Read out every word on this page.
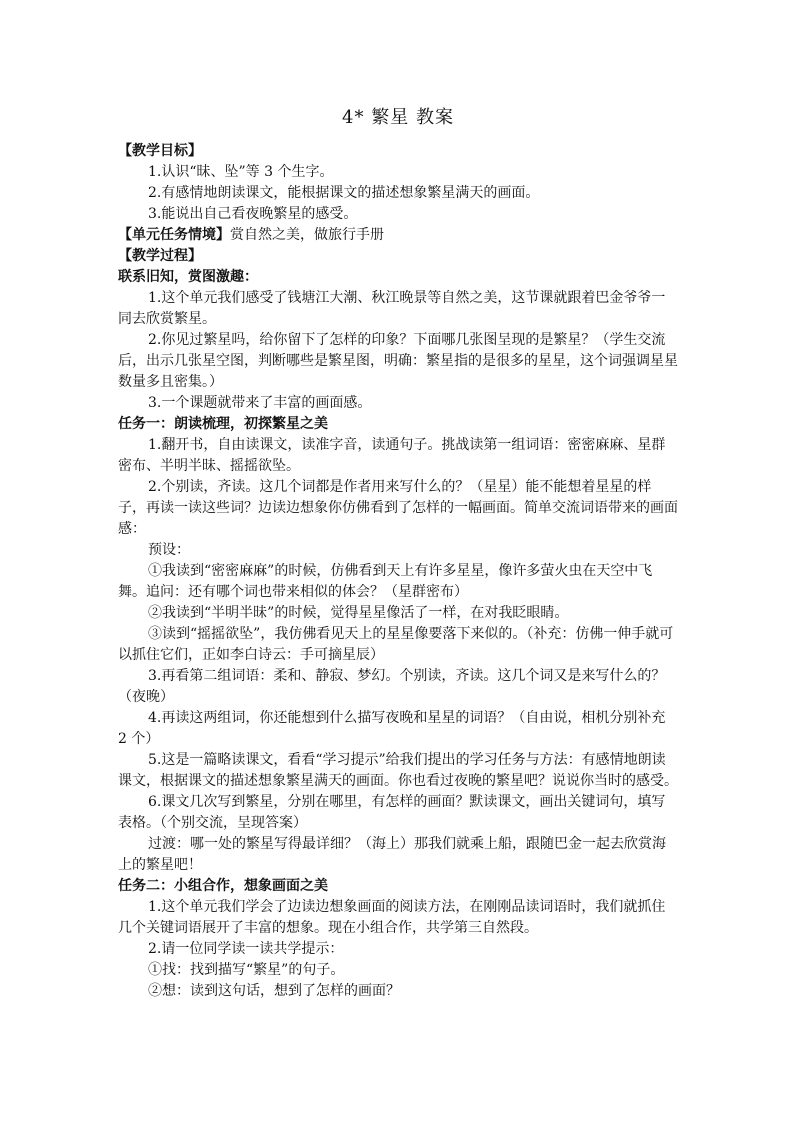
4* 繁星 教案

【教学目标】

1.认识“昧、坠”等 3 个生字。

2.有感情地朗读课文，能根据课文的描述想象繁星满天的画面。

3.能说出自己看夜晚繁星的感受。

【单元任务情境】赏自然之美，做旅行手册

【教学过程】

联系旧知，赏图激趣：

1.这个单元我们感受了钱塘江大潮、秋江晚景等自然之美，这节课就跟着巴金爷爷一同去欣赏繁星。

2.你见过繁星吗，给你留下了怎样的印象？下面哪几张图呈现的是繁星？（学生交流后，出示几张星空图，判断哪些是繁星图，明确：繁星指的是很多的星星，这个词强调星星数量多且密集。）

3.一个课题就带来了丰富的画面感。

任务一：朗读梳理，初探繁星之美

1.翻开书，自由读课文，读准字音，读通句子。挑战读第一组词语：密密麻麻、星群密布、半明半昧、摇摇欲坠。

2.个别读，齐读。这几个词都是作者用来写什么的？（星星）能不能想着星星的样子，再读一读这些词？边读边想象你仿佛看到了怎样的一幅画面。简单交流词语带来的画面感：

预设：

①我读到“密密麻麻”的时候，仿佛看到天上有许多星星，像许多萤火虫在天空中飞舞。追问：还有哪个词也带来相似的体会？（星群密布）

②我读到“半明半昧”的时候，觉得星星像活了一样，在对我眨眼睛。

③读到“摇摇欲坠”，我仿佛看见天上的星星像要落下来似的。（补充：仿佛一伸手就可以抓住它们，正如李白诗云：手可摘星辰）

3.再看第二组词语：柔和、静寂、梦幻。个别读，齐读。这几个词又是来写什么的？（夜晚）

4.再读这两组词，你还能想到什么描写夜晚和星星的词语？（自由说，相机分别补充 2 个）

5.这是一篇略读课文，看看“学习提示”给我们提出的学习任务与方法：有感情地朗读课文，根据课文的描述想象繁星满天的画面。你也看过夜晚的繁星吧？说说你当时的感受。

6.课文几次写到繁星，分别在哪里，有怎样的画面？默读课文，画出关键词句，填写表格。（个别交流，呈现答案）

过渡：哪一处的繁星写得最详细？（海上）那我们就乘上船，跟随巴金一起去欣赏海上的繁星吧！

任务二：小组合作，想象画面之美

1.这个单元我们学会了边读边想象画面的阅读方法，在刚刚品读词语时，我们就抓住几个关键词语展开了丰富的想象。现在小组合作，共学第三自然段。

2.请一位同学读一读共学提示：

①找：找到描写“繁星”的句子。

②想：读到这句话，想到了怎样的画面？
